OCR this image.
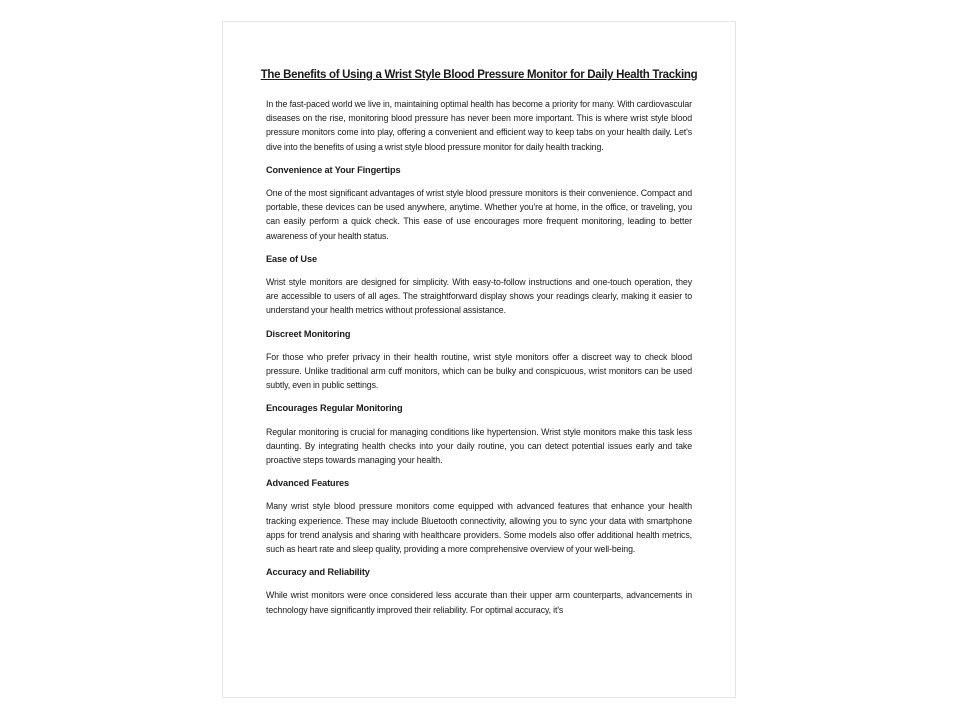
The Benefits of Using a Wrist Style Blood Pressure Monitor for Daily Health Tracking

In the fast-paced world we live in, maintaining optimal health has become a priority for many. With cardiovascular diseases on the rise, monitoring blood pressure has never been more important. This is where wrist style blood pressure monitors come into play, offering a convenient and efficient way to keep tabs on your health daily. Let's dive into the benefits of using a wrist style blood pressure monitor for daily health tracking.

Convenience at Your Fingertips

One of the most significant advantages of wrist style blood pressure monitors is their convenience. Compact and portable, these devices can be used anywhere, anytime. Whether you're at home, in the office, or traveling, you can easily perform a quick check. This ease of use encourages more frequent monitoring, leading to better awareness of your health status.

Ease of Use

Wrist style monitors are designed for simplicity. With easy-to-follow instructions and one-touch operation, they are accessible to users of all ages. The straightforward display shows your readings clearly, making it easier to understand your health metrics without professional assistance.

Discreet Monitoring

For those who prefer privacy in their health routine, wrist style monitors offer a discreet way to check blood pressure. Unlike traditional arm cuff monitors, which can be bulky and conspicuous, wrist monitors can be used subtly, even in public settings.

Encourages Regular Monitoring

Regular monitoring is crucial for managing conditions like hypertension. Wrist style monitors make this task less daunting. By integrating health checks into your daily routine, you can detect potential issues early and take proactive steps towards managing your health.

Advanced Features

Many wrist style blood pressure monitors come equipped with advanced features that enhance your health tracking experience. These may include Bluetooth connectivity, allowing you to sync your data with smartphone apps for trend analysis and sharing with healthcare providers. Some models also offer additional health metrics, such as heart rate and sleep quality, providing a more comprehensive overview of your well-being.

Accuracy and Reliability

While wrist monitors were once considered less accurate than their upper arm counterparts, advancements in technology have significantly improved their reliability. For optimal accuracy, it's
